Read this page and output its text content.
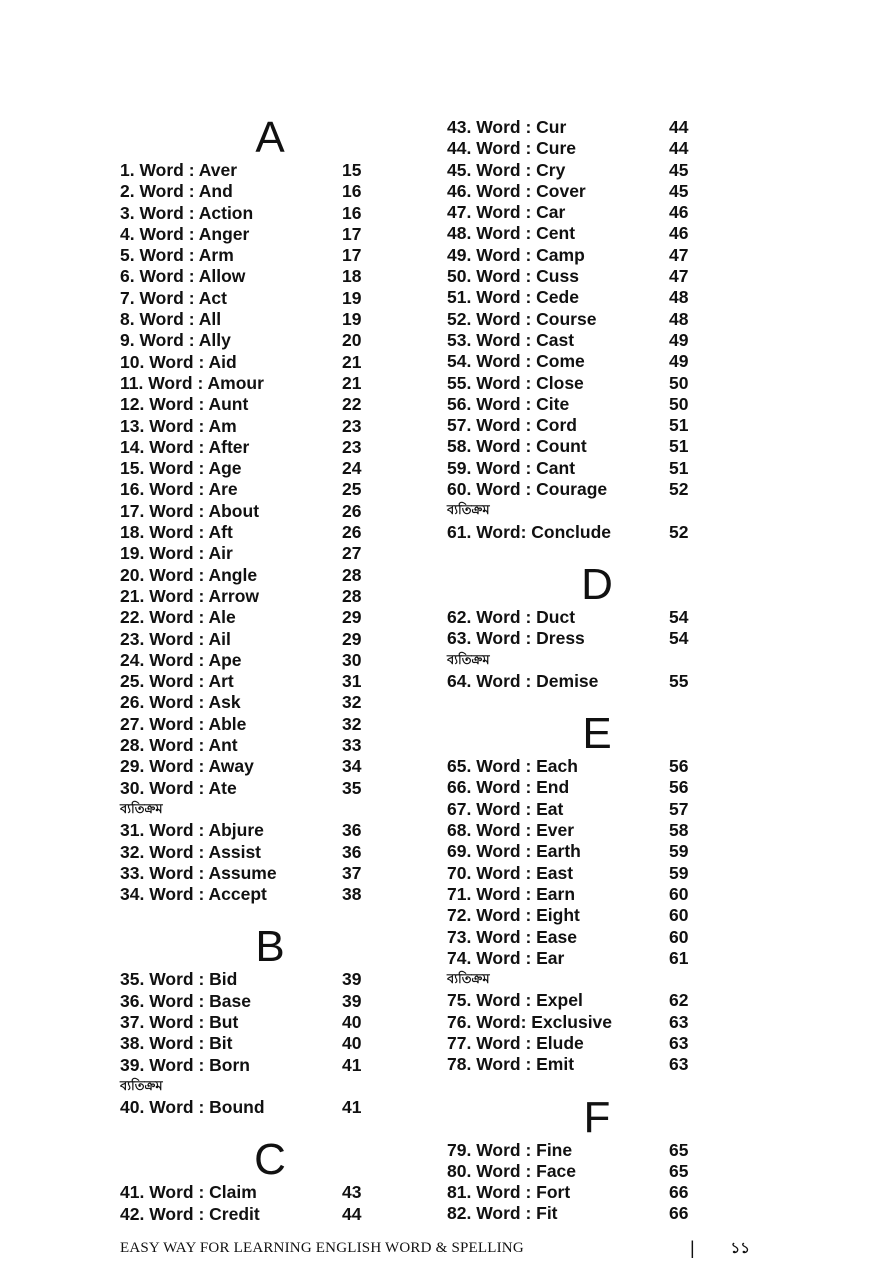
A
1. Word : Aver	15
2. Word : And	16
3. Word : Action	16
4. Word : Anger	17
5. Word : Arm	17
6. Word : Allow	18
7. Word : Act	19
8. Word : All	19
9. Word : Ally	20
10. Word : Aid	21
11. Word : Amour	21
12. Word : Aunt	22
13. Word : Am	23
14. Word : After	23
15. Word : Age	24
16. Word : Are	25
17. Word : About	26
18. Word : Aft	26
19. Word : Air	27
20. Word : Angle	28
21. Word : Arrow	28
22. Word : Ale	29
23. Word : Ail	29
24. Word : Ape	30
25. Word : Art	31
26. Word : Ask	32
27. Word : Able	32
28. Word : Ant	33
29. Word : Away	34
30. Word : Ate	35
ব্যতিক্রম
31. Word : Abjure	36
32. Word : Assist	36
33. Word : Assume	37
34. Word : Accept	38
B
35. Word : Bid	39
36. Word : Base	39
37. Word : But	40
38. Word : Bit	40
39. Word : Born	41
ব্যতিক্রম
40. Word : Bound	41
C
41. Word : Claim	43
42. Word : Credit	44
43. Word : Cur	44
44. Word : Cure	44
45. Word : Cry	45
46. Word : Cover	45
47. Word : Car	46
48. Word : Cent	46
49. Word : Camp	47
50. Word : Cuss	47
51. Word : Cede	48
52. Word : Course	48
53. Word : Cast	49
54. Word : Come	49
55. Word : Close	50
56. Word : Cite	50
57. Word : Cord	51
58. Word : Count	51
59. Word : Cant	51
60. Word : Courage	52
ব্যতিক্রম
61. Word: Conclude	52
D
62. Word : Duct	54
63. Word : Dress	54
ব্যতিক্রম
64. Word : Demise	55
E
65. Word : Each	56
66. Word : End	56
67. Word : Eat	57
68. Word : Ever	58
69. Word : Earth	59
70. Word : East	59
71. Word : Earn	60
72. Word : Eight	60
73. Word : Ease	60
74. Word : Ear	61
ব্যতিক্রম
75. Word : Expel	62
76. Word: Exclusive	63
77. Word : Elude	63
78. Word : Emit	63
F
79. Word : Fine	65
80. Word : Face	65
81. Word : Fort	66
82. Word : Fit	66
EASY WAY FOR LEARNING ENGLISH WORD & SPELLING	| ১১
